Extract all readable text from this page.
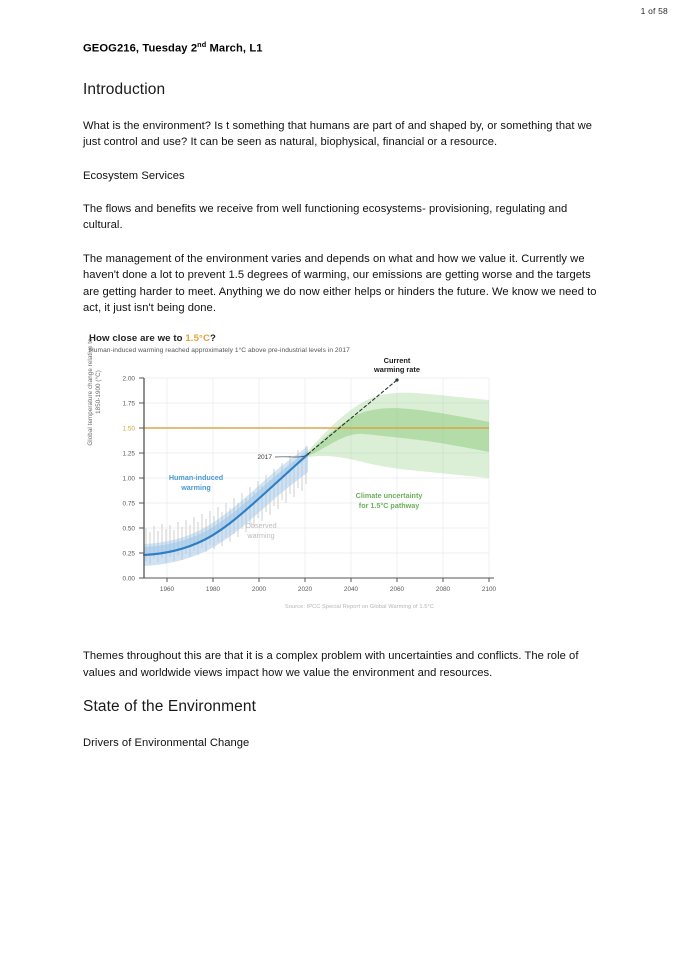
1 of 58

GEOG216, Tuesday 2nd March, L1

Introduction

What is the environment? Is t something that humans are part of and shaped by, or something that we just control and use? It can be seen as natural, biophysical, financial or a resource.

Ecosystem Services

The flows and benefits we receive from well functioning ecosystems- provisioning, regulating and cultural.

The management of the environment varies and depends on what and how we value it. Currently we haven't done a lot to prevent 1.5 degrees of warming, our emissions are getting worse and the targets are getting harder to meet. Anything we do now either helps or hinders the future. We know we need to act, it just isn't being done.

How close are we to 1.5°C?
Human-induced warming reached approximately 1°C above pre-industrial levels in 2017
Global temperature change relative to 1850-1900 (°C)	2.00
1.75
1.50
1.25
1.00
0.75
0.50
0.25
0.00
1960	1980	2000	2020	2040	2060	2080	2100
Current
warming rate
2017
Human-induced
warming
Observed
warming
Climate uncertainty
for 1.5°C pathway
Source: IPCC Special Report on Global Warming of 1.5°C

Themes throughout this are that it is a complex problem with uncertainties and conflicts. The role of values and worldwide views impact how we value the environment and resources.

State of the Environment

Drivers of Environmental Change
